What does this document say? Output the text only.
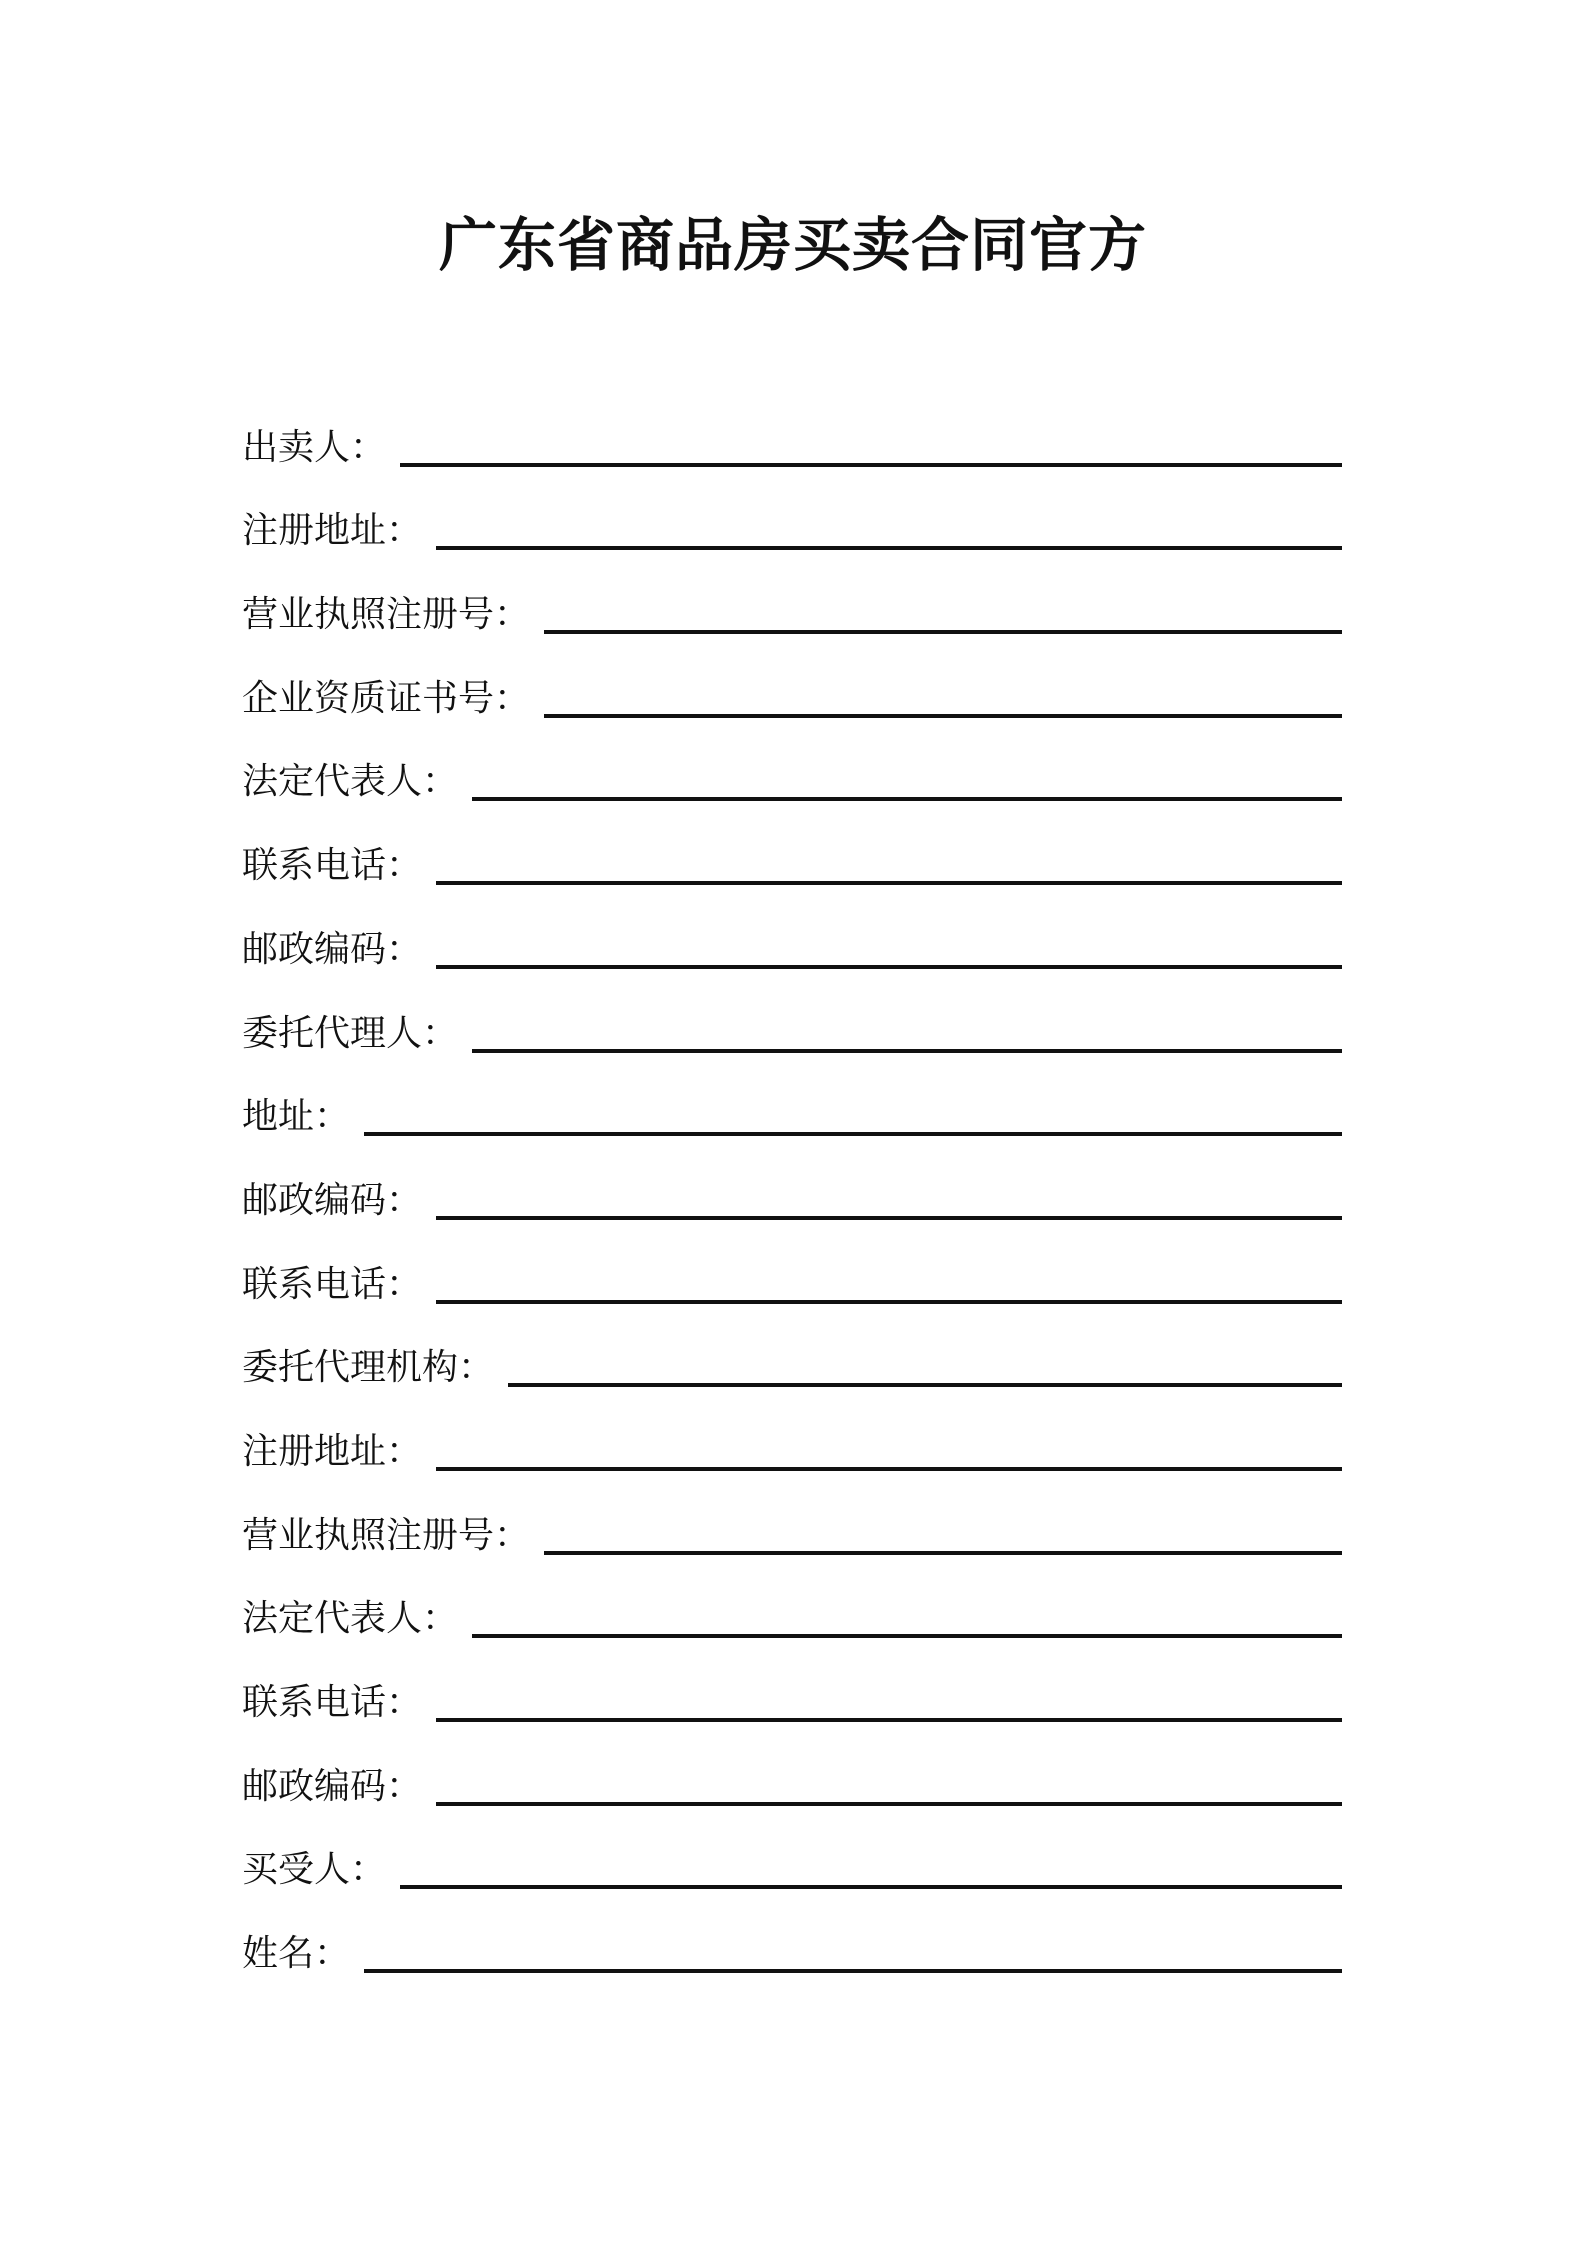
广东省商品房买卖合同官方
出卖人 ：
注册地址 ：
营业执照注册号 ：
企业资质证书号 ：
法定代表人 ：
联系电话 ：
邮政编码 ：
委托代理人 ：
地址 ：
邮政编码 ：
联系电话 ：
委托代理机构 ：
注册地址 ：
营业执照注册号 ：
法定代表人 ：
联系电话 ：
邮政编码 ：
买受人 ：
姓名 ：
